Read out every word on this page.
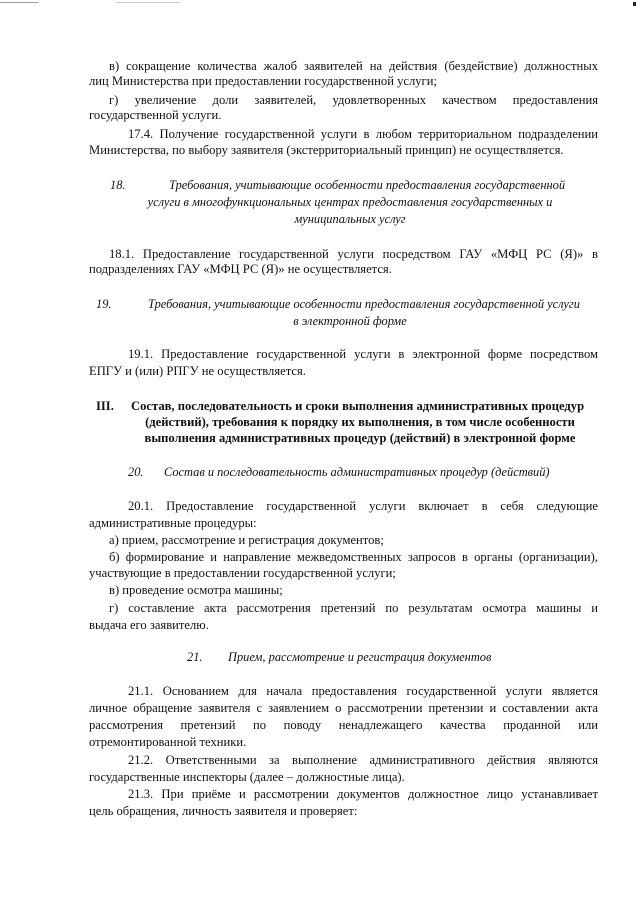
в) сокращение количества жалоб заявителей на действия (бездействие) должностных

лиц Министерства при предоставлении государственной услуги;

г) увеличение доли заявителей, удовлетворенных качеством предоставления

государственной услуги.

17.4. Получение государственной услуги в любом территориальном подразделении

Министерства, по выбору заявителя (экстерриториальный принцип) не осуществляется.

18.	Требования, учитывающие особенности предоставления государственной

услуги в многофункциональных центрах предоставления государственных и

муниципальных услуг

18.1. Предоставление государственной услуги посредством ГАУ «МФЦ РС (Я)» в

подразделениях ГАУ «МФЦ РС (Я)» не осуществляется.

19.	Требования, учитывающие особенности предоставления государственной услуги

в электронной форме

19.1. Предоставление государственной услуги в электронной форме посредством

ЕПГУ и (или) РПГУ не осуществляется.

III.	Состав, последовательность и сроки выполнения административных процедур

(действий), требования к порядку их выполнения, в том числе особенности

выполнения административных процедур (действий) в электронной форме

20.	Состав и последовательность административных процедур (действий)

20.1. Предоставление государственной услуги включает в себя следующие

административные процедуры:

а) прием, рассмотрение и регистрация документов;

б) формирование и направление межведомственных запросов в органы (организации),

участвующие в предоставлении государственной услуги;

в) проведение осмотра машины;

г) составление акта рассмотрения претензий по результатам осмотра машины и

выдача его заявителю.

21.	Прием, рассмотрение и регистрация документов

21.1. Основанием для начала предоставления государственной услуги является

личное обращение заявителя с заявлением о рассмотрении претензии и составлении акта

рассмотрения претензий по поводу ненадлежащего качества проданной или

отремонтированной техники.

21.2. Ответственными за выполнение административного действия являются

государственные инспекторы (далее – должностные лица).

21.3. При приёме и рассмотрении документов должностное лицо устанавливает

цель обращения, личность заявителя и проверяет:
